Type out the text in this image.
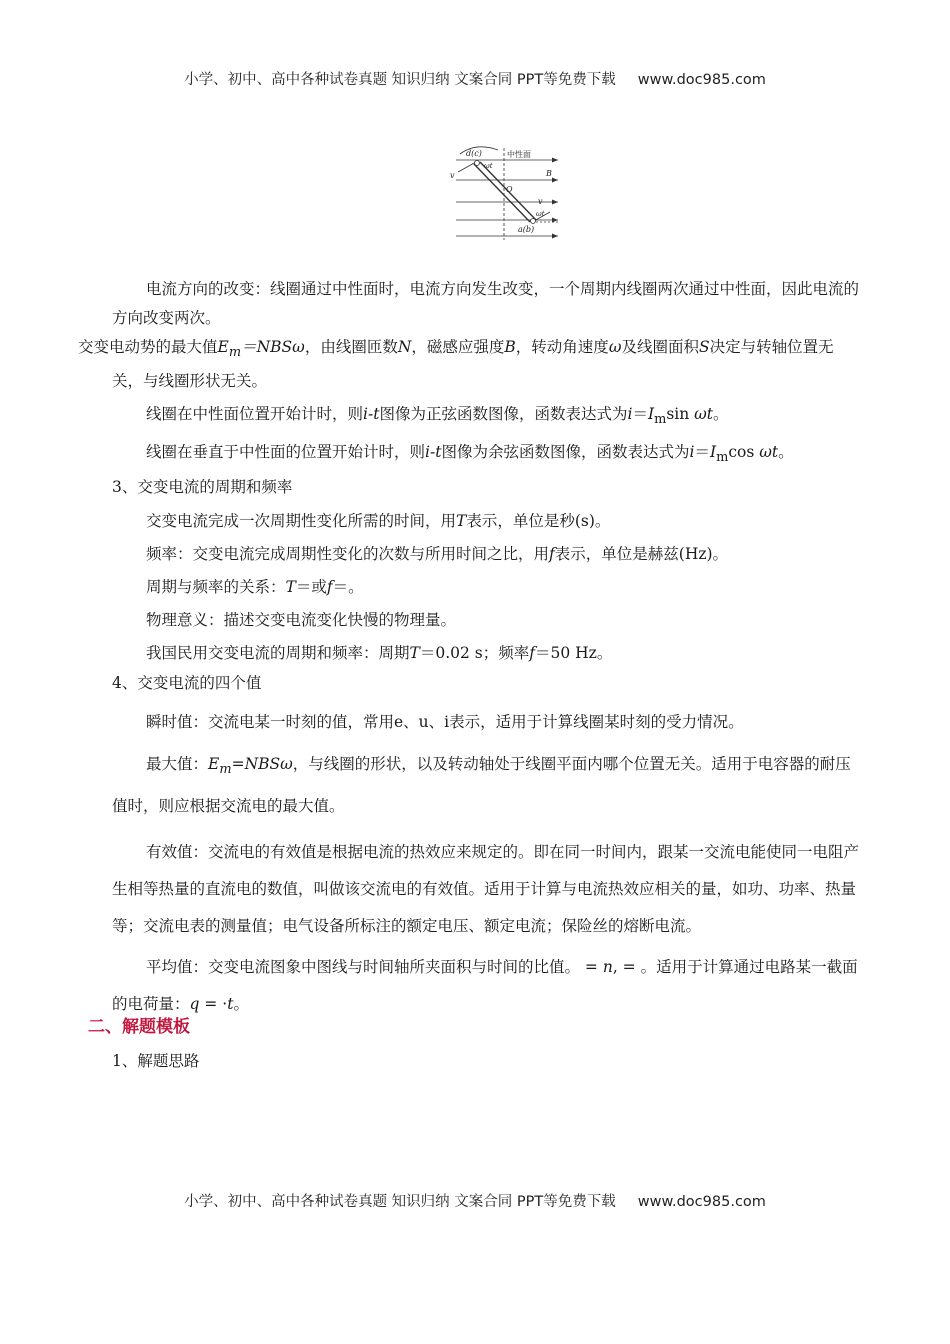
小学、初中、高中各种试卷真题 知识归纳 文案合同 PPT等免费下载 www.doc985.com
d(c)	中性面
ωt
v	B
O
v
ωt
a(b)

电流方向的改变：线圈通过中性面时，电流方向发生改变，一个周期内线圈两次通过中性面，因此电流的方向改变两次。

交变电动势的最大值$E_m=NBS\omega$，由线圈匝数N，磁感应强度B，转动角速度ω及线圈面积S决定与转轴位置无关，与线圈形状无关。

线圈在中性面位置开始计时，则i-t图像为正弦函数图像，函数表达式为$i=I_m\sin$ ωt。

线圈在垂直于中性面的位置开始计时，则i-t图像为余弦函数图像，函数表达式为$i=I_m\cos$ ωt。

3、交变电流的周期和频率

交变电流完成一次周期性变化所需的时间，用T表示，单位是秒(s)。

频率：交变电流完成周期性变化的次数与所用时间之比，用f表示，单位是赫兹(Hz)。

周期与频率的关系：T＝或f＝。

物理意义：描述交变电流变化快慢的物理量。

我国民用交变电流的周期和频率：周期T＝0.02 s；频率f＝50 Hz。

4、交变电流的四个值

瞬时值：交流电某一时刻的值，常用e、u、i表示，适用于计算线圈某时刻的受力情况。

最大值：$E_m=NBS\omega$，与线圈的形状，以及转动轴处于线圈平面内哪个位置无关。适用于电容器的耐压值时，则应根据交流电的最大值。

有效值：交流电的有效值是根据电流的热效应来规定的。即在同一时间内，跟某一交流电能使同一电阻产生相等热量的直流电的数值，叫做该交流电的有效值。适用于计算与电流热效应相关的量，如功、功率、热量等；交流电表的测量值；电气设备所标注的额定电压、额定电流；保险丝的熔断电流。

平均值：交变电流图象中图线与时间轴所夹面积与时间的比值。 = n, = 。适用于计算通过电路某一截面的电荷量：q = ·t。

二、解题模板
1、解题思路
小学、初中、高中各种试卷真题 知识归纳 文案合同 PPT等免费下载 www.doc985.com
